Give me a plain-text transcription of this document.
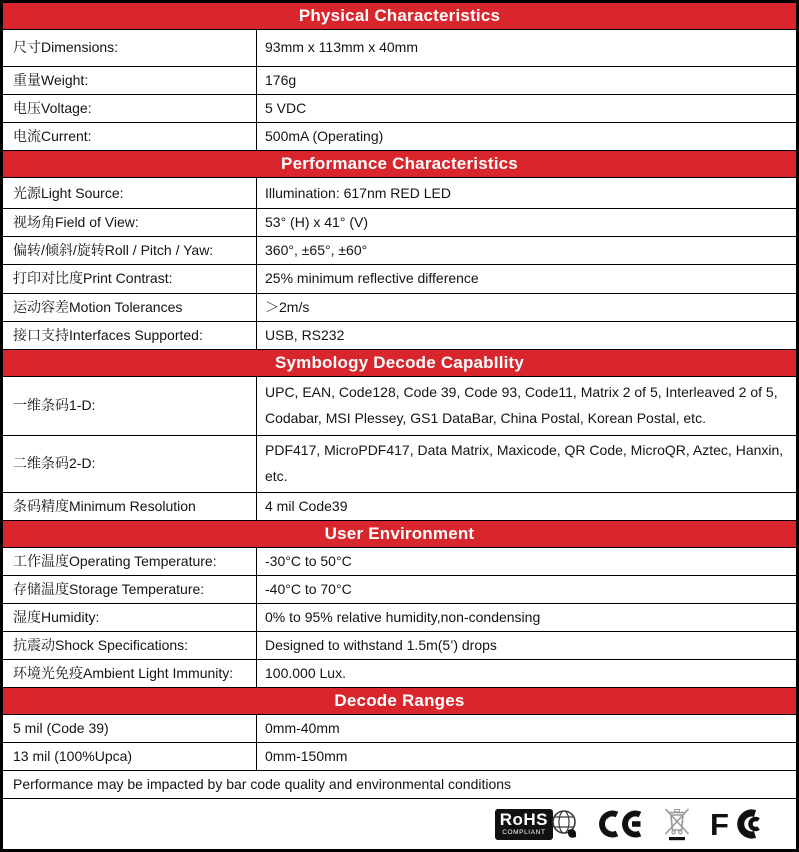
Physical Characteristics
尺寸Dimensions:	93mm x 113mm x 40mm
重量Weight:	176g
电压Voltage:	5 VDC
电流Current:	500mA (Operating)
Performance Characteristics
光源Light Source:	Illumination: 617nm RED LED
视场角Field of View:	53° (H) x 41° (V)
偏转/倾斜/旋转Roll / Pitch / Yaw:	360°, ±65°, ±60°
打印对比度Print Contrast:	25% minimum reflective difference
运动容差Motion Tolerances	＞2m/s
接口支持Interfaces Supported:	USB, RS232
Symbology Decode CapabIlity
一维条码1-D:
UPC, EAN, Code128, Code 39, Code 93, Code11, Matrix 2 of 5, Interleaved 2 of 5, Codabar, MSI Plessey, GS1 DataBar, China Postal, Korean Postal, etc.
二维条码2-D:
PDF417, MicroPDF417, Data Matrix, Maxicode, QR Code, MicroQR, Aztec, Hanxin, etc.
条码精度Minimum Resolution	4 mil Code39
User Environment
工作温度Operating Temperature:	-30°C to 50°C
存储温度Storage Temperature:	-40°C to 70°C
湿度Humidity:	0% to 95% relative humidity,non-condensing
抗震动Shock Specifications:	Designed to withstand 1.5m(5’) drops
环境光免疫Ambient Light Immunity:	100.000 Lux.
Decode Ranges
5 mil (Code 39)	0mm-40mm
13 mil (100%Upca)	0mm-150mm
Performance may be impacted by bar code quality and environmental conditions
RoHS
COMPLIANT	F
